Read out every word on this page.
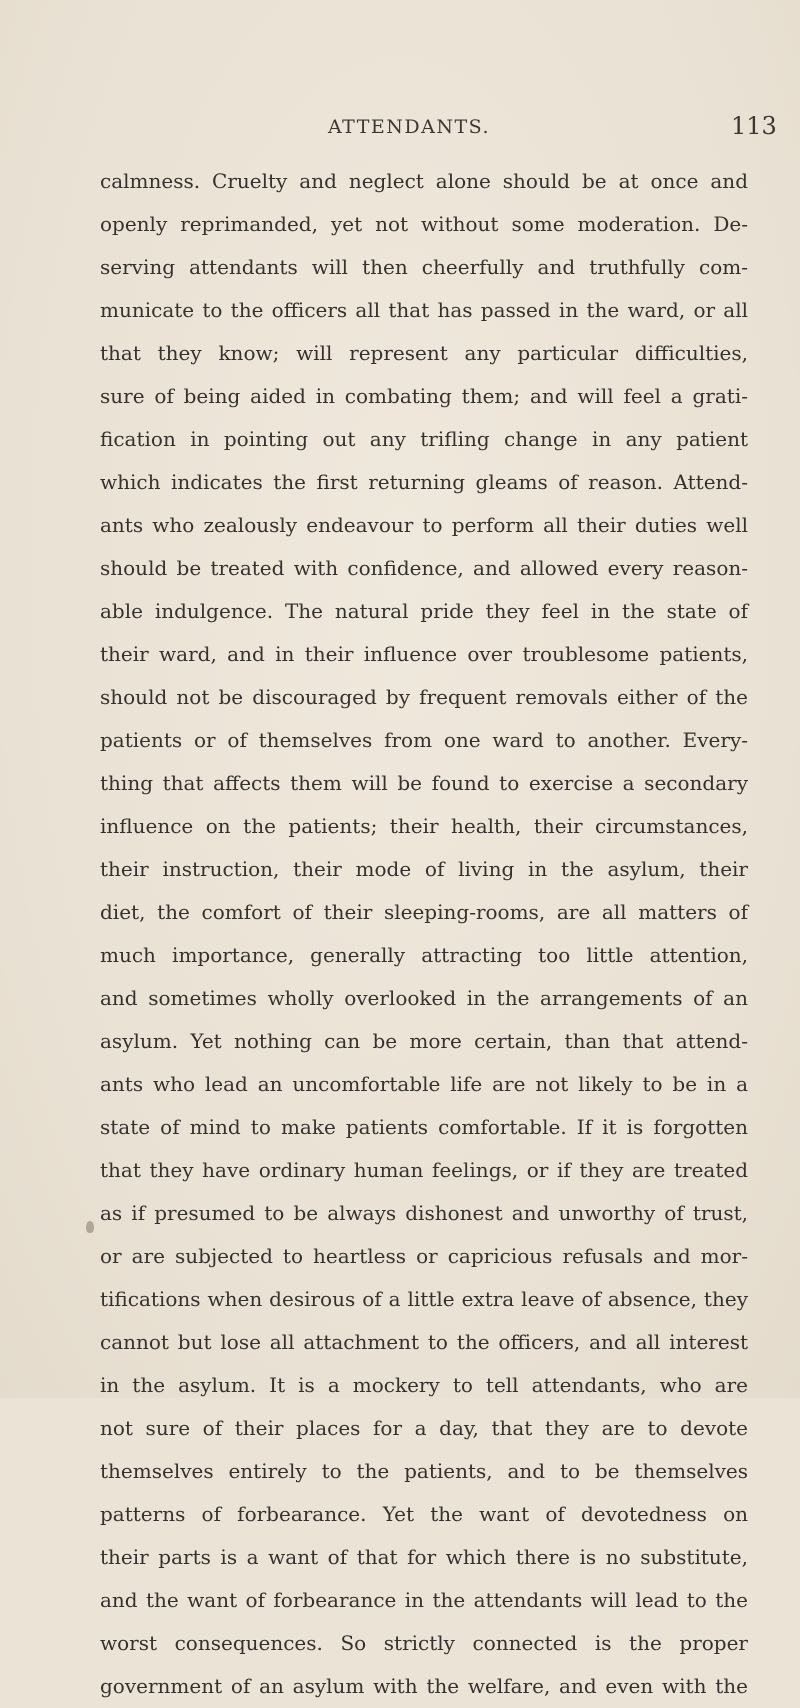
ATTENDANTS.	113
calmness. Cruelty and neglect alone should be at once and
openly reprimanded, yet not without some moderation. De-
serving attendants will then cheerfully and truthfully com-
municate to the officers all that has passed in the ward, or all
that they know; will represent any particular difficulties,
sure of being aided in combating them; and will feel a grati-
fication in pointing out any trifling change in any patient
which indicates the first returning gleams of reason. Attend-
ants who zealously endeavour to perform all their duties well
should be treated with confidence, and allowed every reason-
able indulgence. The natural pride they feel in the state of
their ward, and in their influence over troublesome patients,
should not be discouraged by frequent removals either of the
patients or of themselves from one ward to another. Every-
thing that affects them will be found to exercise a secondary
influence on the patients; their health, their circumstances,
their instruction, their mode of living in the asylum, their
diet, the comfort of their sleeping-rooms, are all matters of
much importance, generally attracting too little attention,
and sometimes wholly overlooked in the arrangements of an
asylum. Yet nothing can be more certain, than that attend-
ants who lead an uncomfortable life are not likely to be in a
state of mind to make patients comfortable. If it is forgotten
that they have ordinary human feelings, or if they are treated
as if presumed to be always dishonest and unworthy of trust,
or are subjected to heartless or capricious refusals and mor-
tifications when desirous of a little extra leave of absence, they
cannot but lose all attachment to the officers, and all interest
in the asylum. It is a mockery to tell attendants, who are
not sure of their places for a day, that they are to devote
themselves entirely to the patients, and to be themselves
patterns of forbearance. Yet the want of devotedness on
their parts is a want of that for which there is no substitute,
and the want of forbearance in the attendants will lead to the
worst consequences. So strictly connected is the proper
government of an asylum with the welfare, and even with the
